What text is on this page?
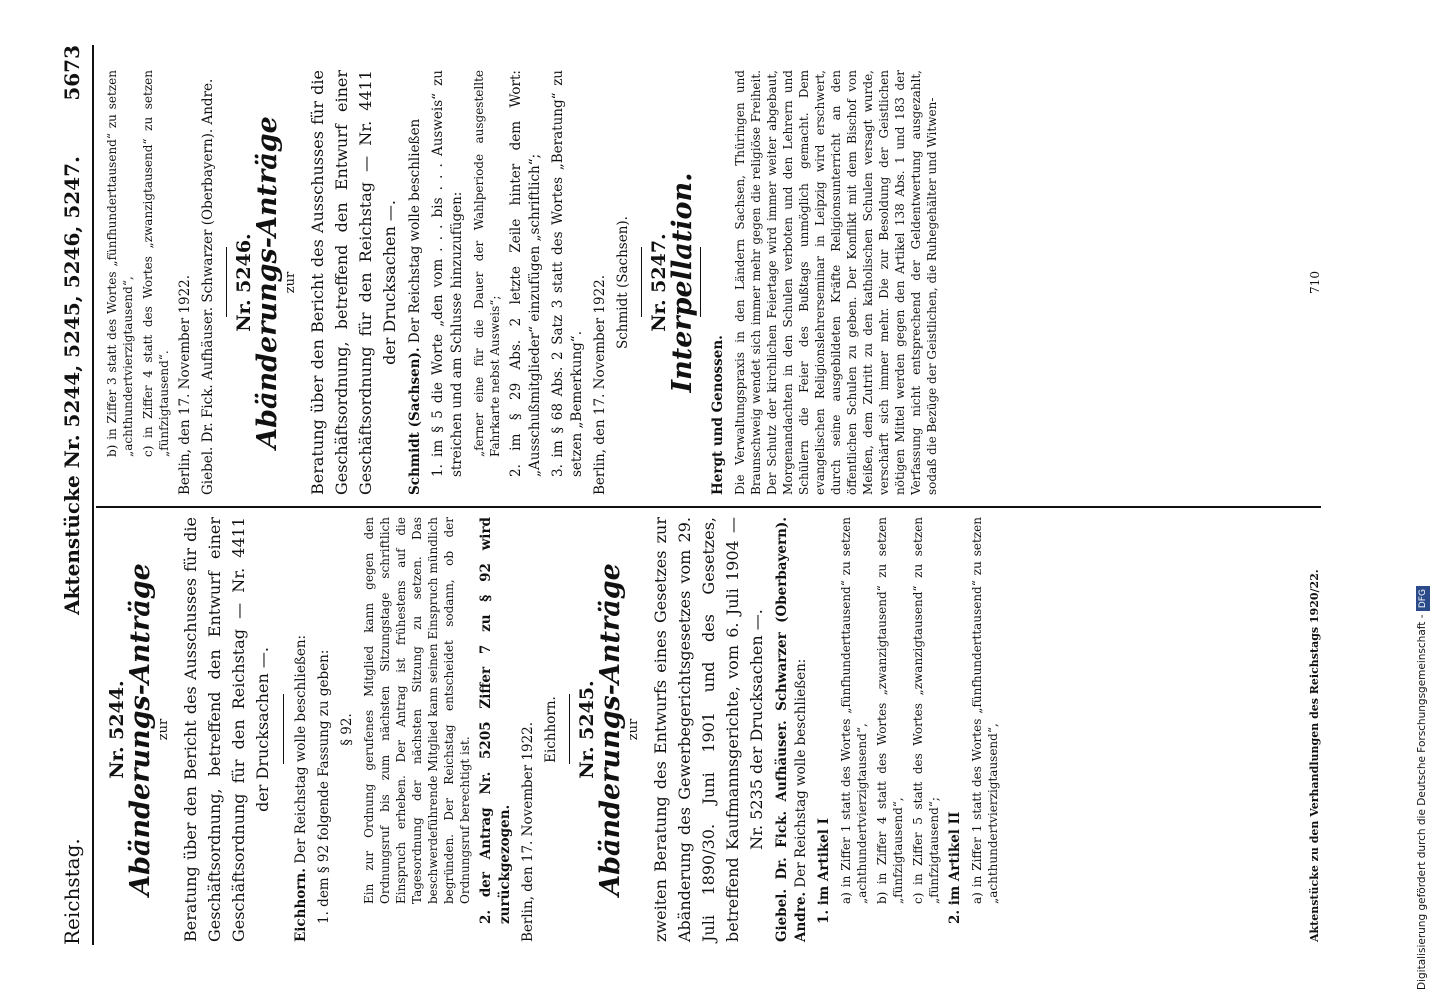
Reichstag.
Aktenstücke Nr. 5244, 5245, 5246, 5247.
5673
Nr. 5244.
Abänderungs-Anträge zur Beratung über den Bericht des Ausschusses für die Geschäftsordnung, betreffend den Entwurf einer Geschäftsordnung für den Reichstag — Nr. 4411 der Drucksachen —.

Eichhorn. Der Reichstag wolle beschließen: 1. dem § 92 folgende Fassung zu geben: § 92. Ein zur Ordnung gerufenes Mitglied kann gegen den Ordnungsruf bis zum nächsten Sitzungstage schriftlich Einspruch erheben. Der Antrag ist frühestens auf die Tagesordnung der nächsten Sitzung zu setzen. Das beschwerdeführende Mitglied kann seinen Einspruch mündlich begründen. Der Reichstag entscheidet sodann, ob der Ordnungsruf berechtigt ist. 2. der Antrag Nr. 5205 Ziffer 7 zu § 92 wird zurückgezogen. Berlin, den 17. November 1922. Eichhorn. Nr. 5245.
Abänderungs-Anträge zur zweiten Beratung des Entwurfs eines Gesetzes zur Abänderung des Gewerbegerichtsgesetzes vom 29. Juli 1890/30. Juni 1901 und des Gesetzes, betreffend Kaufmannsgerichte, vom 6. Juli 1904 — Nr. 5235 der Drucksachen —. Giebel. Dr. Fick. Aufhäuser. Schwarzer (Oberbayern). Andre. Der Reichstag wolle beschließen: 1. im Artikel I a) in Ziffer 1 statt des Wortes „fünfhunderttausend“ zu setzen „achthundertvierzigtausend“, b) in Ziffer 4 statt des Wortes „zwanzigtausend“ zu setzen „fünfzigtausend“, c) in Ziffer 5 statt des Wortes „zwanzigtausend“ zu setzen „fünfzigtausend“; 2. im Artikel II a) in Ziffer 1 statt des Wortes „fünfhunderttausend“ zu setzen „achthundertvierzigtausend“,

b) in Ziffer 3 statt des Wortes „fünfhunderttausend“ zu setzen „achthundertvierzigtausend“, c) in Ziffer 4 statt des Wortes „zwanzigtausend“ zu setzen „fünfzigtausend“. Berlin, den 17. November 1922. Giebel. Dr. Fick. Aufhäuser. Schwarzer (Oberbayern). Andre. Nr. 5246.
Abänderungs-Anträge zur Beratung über den Bericht des Ausschusses für die Geschäftsordnung, betreffend den Entwurf einer Geschäftsordnung für den Reichstag — Nr. 4411 der Drucksachen —.

Schmidt (Sachsen). Der Reichstag wolle beschließen 1. im § 5 die Worte „den vom . . . bis . . . Ausweis“ zu streichen und am Schlusse hinzuzufügen: „ferner eine für die Dauer der Wahlperiode ausgestellte Fahrkarte nebst Ausweis“; 2. im § 29 Abs. 2 letzte Zeile hinter dem Wort: „Ausschußmitglieder“ einzufügen „schriftlich“; 3. im § 68 Abs. 2 Satz 3 statt des Wortes „Beratung“ zu setzen „Bemerkung“. Berlin, den 17. November 1922. Schmidt (Sachsen). Nr. 5247.
Interpellation.

Hergt und Genossen. Die Verwaltungspraxis in den Ländern Sachsen, Thüringen und Braunschweig wendet sich immer mehr gegen die religiöse Freiheit. Der Schutz der kirchlichen Feiertage wird immer weiter abgebaut, Morgenandachten in den Schulen verboten und den Lehrern und Schülern die Feier des Bußtags unmöglich gemacht. Dem evangelischen Religionslehrerseminar in Leipzig wird erschwert, durch seine ausgebildeten Kräfte Religionsunterricht an den öffentlichen Schulen zu geben. Der Konflikt mit dem Bischof von Meißen, dem Zutritt zu den katholischen Schulen versagt wurde, verschärft sich immer mehr. Die zur Besoldung der Geistlichen nötigen Mittel werden gegen den Artikel 138 Abs. 1 und 183 der Verfassung nicht entsprechend der Geldentwertung ausgezahlt, sodaß die Bezüge der Geistlichen, die Ruhegehälter und Witwen-

Aktenstücke zu den Verhandlungen des Reichstags 1920/22.
710
Digitalisierung gefördert durch die Deutsche Forschungsgemeinschaft - DFG
